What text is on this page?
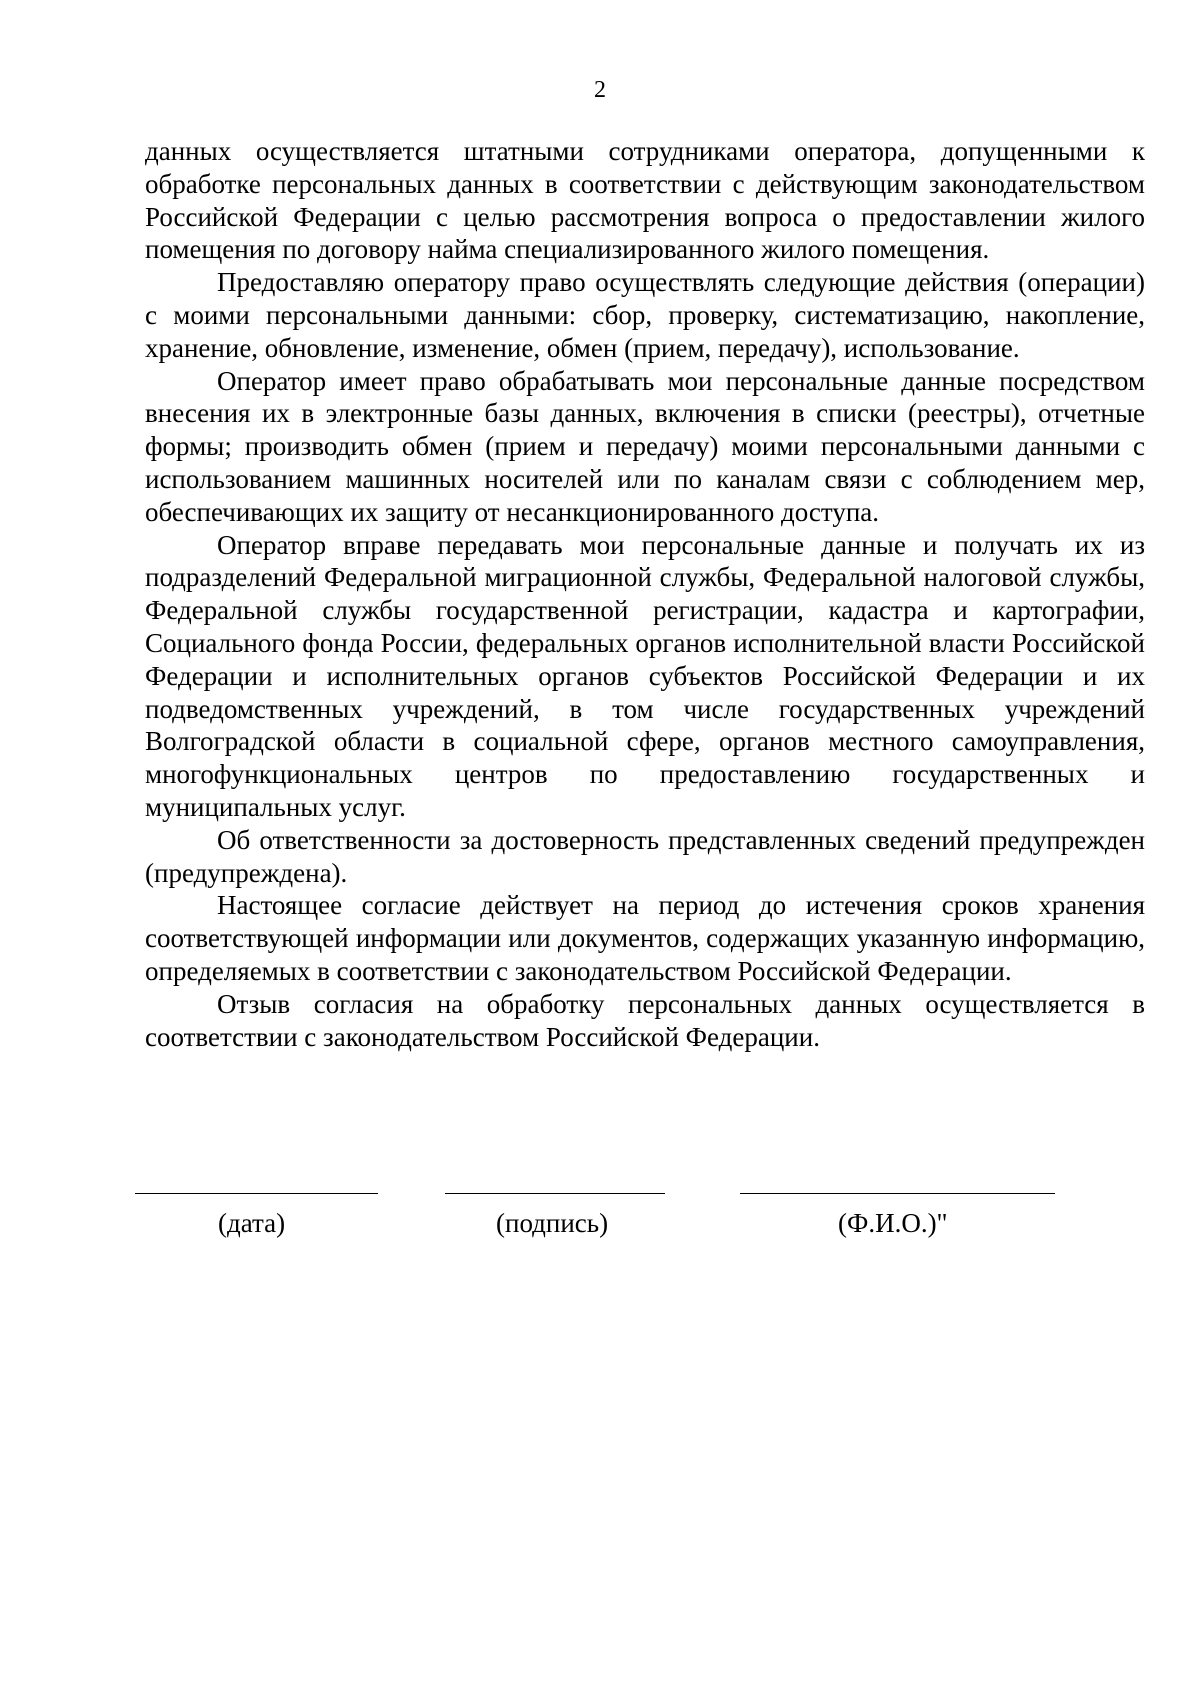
2

данных осуществляется штатными сотрудниками оператора, допущенными к обработке персональных данных в соответствии с действующим законодательством Российской Федерации с целью рассмотрения вопроса о предоставлении жилого помещения по договору найма специализированного жилого помещения.

Предоставляю оператору право осуществлять следующие действия (операции) с моими персональными данными: сбор, проверку, систематизацию, накопление, хранение, обновление, изменение, обмен (прием, передачу), использование.

Оператор имеет право обрабатывать мои персональные данные посредством внесения их в электронные базы данных, включения в списки (реестры), отчетные формы; производить обмен (прием и передачу) моими персональными данными с использованием машинных носителей или по каналам связи с соблюдением мер, обеспечивающих их защиту от несанкционированного доступа.

Оператор вправе передавать мои персональные данные и получать их из подразделений Федеральной миграционной службы, Федеральной налоговой службы, Федеральной службы государственной регистрации, кадастра и картографии, Социального фонда России, федеральных органов исполнительной власти Российской Федерации и исполнительных органов субъектов Российской Федерации и их подведомственных учреждений, в том числе государственных учреждений Волгоградской области в социальной сфере, органов местного самоуправления, многофункциональных центров по предоставлению государственных и муниципальных услуг.

Об ответственности за достоверность представленных сведений предупрежден (предупреждена).

Настоящее согласие действует на период до истечения сроков хранения соответствующей информации или документов, содержащих указанную информацию, определяемых в соответствии с законодательством Российской Федерации.

Отзыв согласия на обработку персональных данных осуществляется в соответствии с законодательством Российской Федерации.

(дата)	(подпись)	(Ф.И.О.)"
